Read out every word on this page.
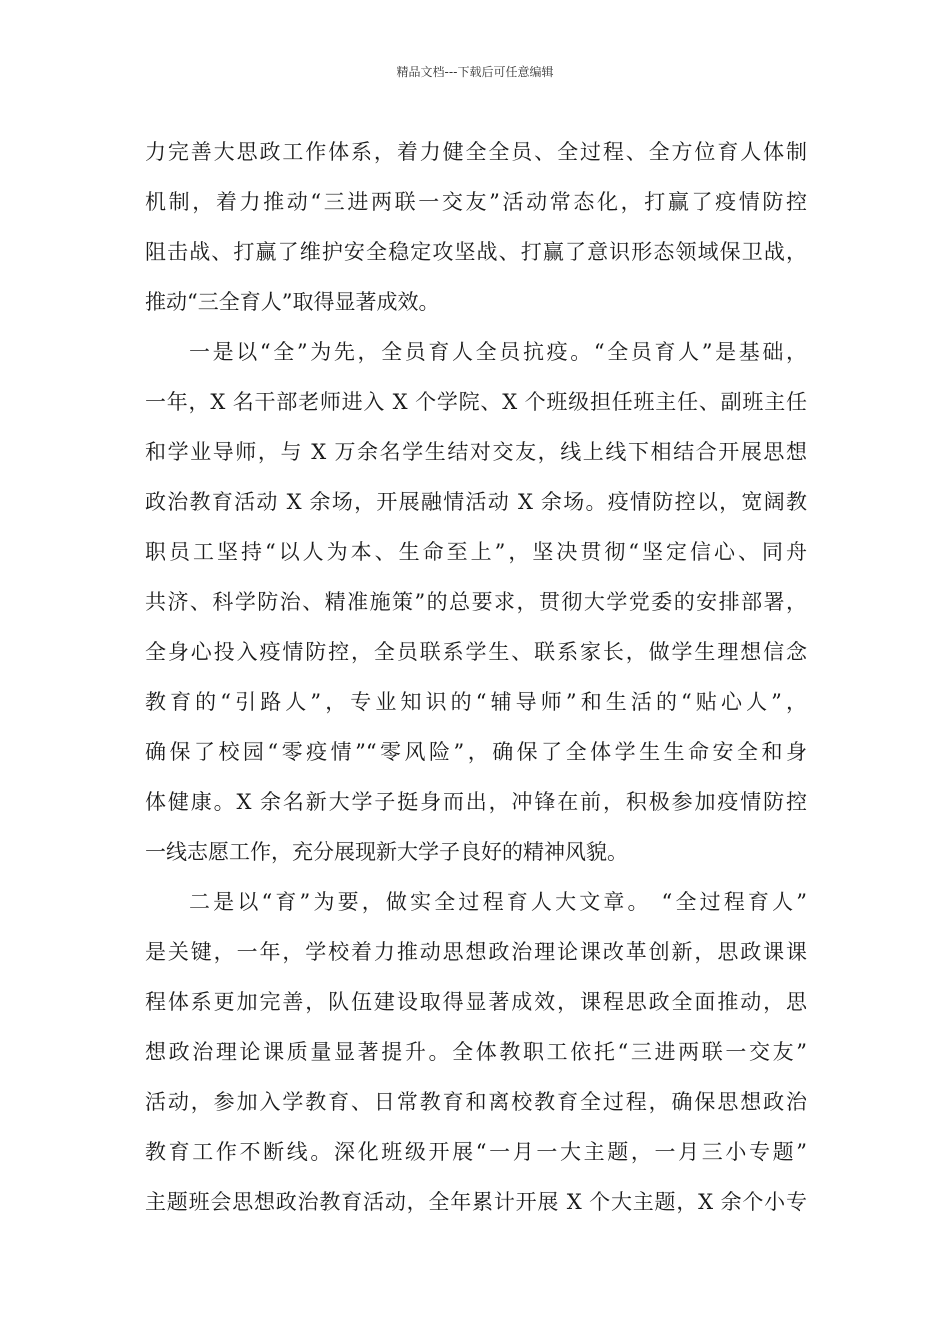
精品文档---下载后可任意编辑
力完善大思政工作体系，着力健全全员、全过程、全方位育人体制
机制，着力推动“三进两联一交友”活动常态化，打赢了疫情防控
阻击战、打赢了维护安全稳定攻坚战、打赢了意识形态领域保卫战，
推动“三全育人”取得显著成效。
一是以“全”为先，全员育人全员抗疫。“全员育人”是基础，
一年，X 名干部老师进入 X 个学院、X 个班级担任班主任、副班主任
和学业导师，与 X 万余名学生结对交友，线上线下相结合开展思想
政治教育活动 X 余场，开展融情活动 X 余场。疫情防控以，宽阔教
职员工坚持“以人为本、生命至上”，坚决贯彻“坚定信心、同舟
共济、科学防治、精准施策”的总要求，贯彻大学党委的安排部署，
全身心投入疫情防控，全员联系学生、联系家长，做学生理想信念
教育的“引路人”，专业知识的“辅导师”和生活的“贴心人”，
确保了校园“零疫情”“零风险”，确保了全体学生生命安全和身
体健康。X 余名新大学子挺身而出，冲锋在前，积极参加疫情防控
一线志愿工作，充分展现新大学子良好的精神风貌。
二是以“育”为要，做实全过程育人大文章。 “全过程育人”
是关键，一年，学校着力推动思想政治理论课改革创新，思政课课
程体系更加完善，队伍建设取得显著成效，课程思政全面推动，思
想政治理论课质量显著提升。全体教职工依托“三进两联一交友”
活动，参加入学教育、日常教育和离校教育全过程，确保思想政治
教育工作不断线。深化班级开展“一月一大主题，一月三小专题”
主题班会思想政治教育活动，全年累计开展 X 个大主题，X 余个小专
